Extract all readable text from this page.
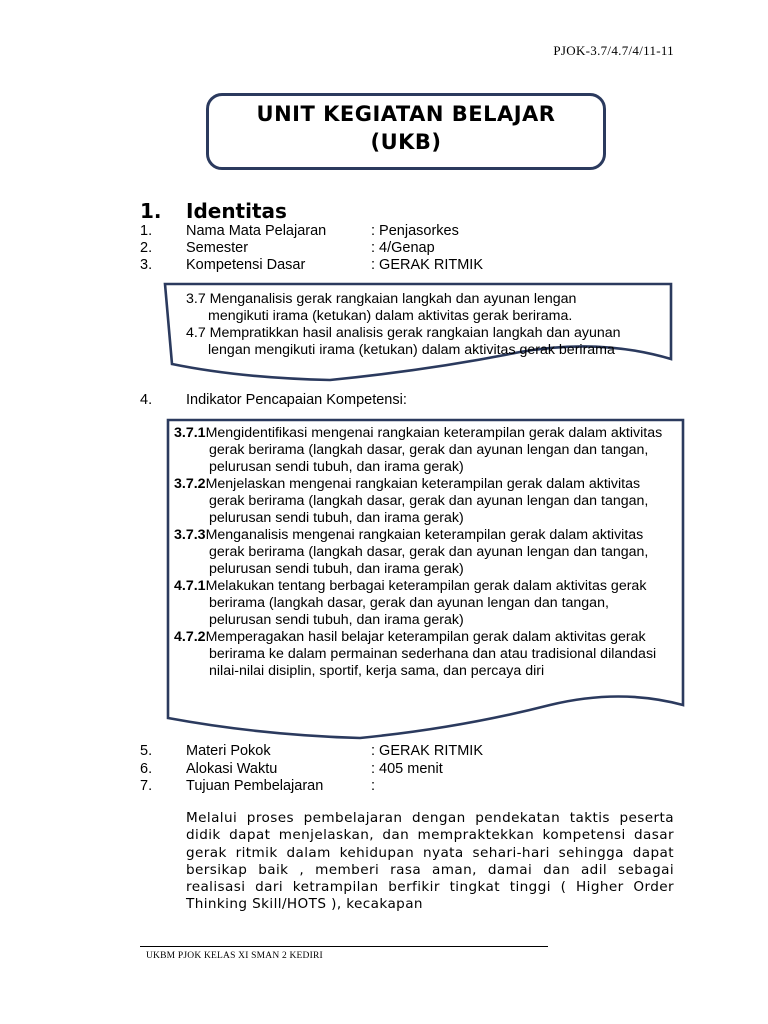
PJOK-3.7/4.7/4/11-11
UNIT KEGIATAN BELAJAR
(UKB)
1. Identitas
1. Nama Mata Pelajaran	: Penjasorkes
2. Semester	: 4/Genap
3. Kompetensi Dasar	: GERAK RITMIK
3.7 Menganalisis gerak rangkaian langkah dan ayunan lengan
mengikuti irama (ketukan) dalam aktivitas gerak berirama.
4.7 Mempratikkan hasil analisis gerak rangkaian langkah dan ayunan
lengan mengikuti irama (ketukan) dalam aktivitas gerak berirama
4. Indikator Pencapaian Kompetensi:

3.7.1Mengidentifikasi mengenai rangkaian keterampilan gerak dalam aktivitas gerak berirama (langkah dasar, gerak dan ayunan lengan dan tangan, pelurusan sendi tubuh, dan irama gerak)

3.7.2Menjelaskan mengenai rangkaian keterampilan gerak dalam aktivitas gerak berirama (langkah dasar, gerak dan ayunan lengan dan tangan, pelurusan sendi tubuh, dan irama gerak)

3.7.3Menganalisis mengenai rangkaian keterampilan gerak dalam aktivitas gerak berirama (langkah dasar, gerak dan ayunan lengan dan tangan, pelurusan sendi tubuh, dan irama gerak)

4.7.1Melakukan tentang berbagai keterampilan gerak dalam aktivitas gerak berirama (langkah dasar, gerak dan ayunan lengan dan tangan, pelurusan sendi tubuh, dan irama gerak)

4.7.2Memperagakan hasil belajar keterampilan gerak dalam aktivitas gerak berirama ke dalam permainan sederhana dan atau tradisional dilandasi nilai-nilai disiplin, sportif, kerja sama, dan percaya diri

5. Materi Pokok	: GERAK RITMIK
6. Alokasi Waktu	: 405 menit
7. Tujuan Pembelajaran	:
Melalui proses pembelajaran dengan pendekatan taktis peserta didik dapat menjelaskan, dan mempraktekkan kompetensi dasar gerak ritmik dalam kehidupan nyata sehari-hari sehingga dapat bersikap baik , memberi rasa aman, damai dan adil sebagai realisasi dari ketrampilan berfikir tingkat tinggi ( Higher Order Thinking Skill/HOTS ), kecakapan
UKBM PJOK KELAS XI SMAN 2 KEDIRI
